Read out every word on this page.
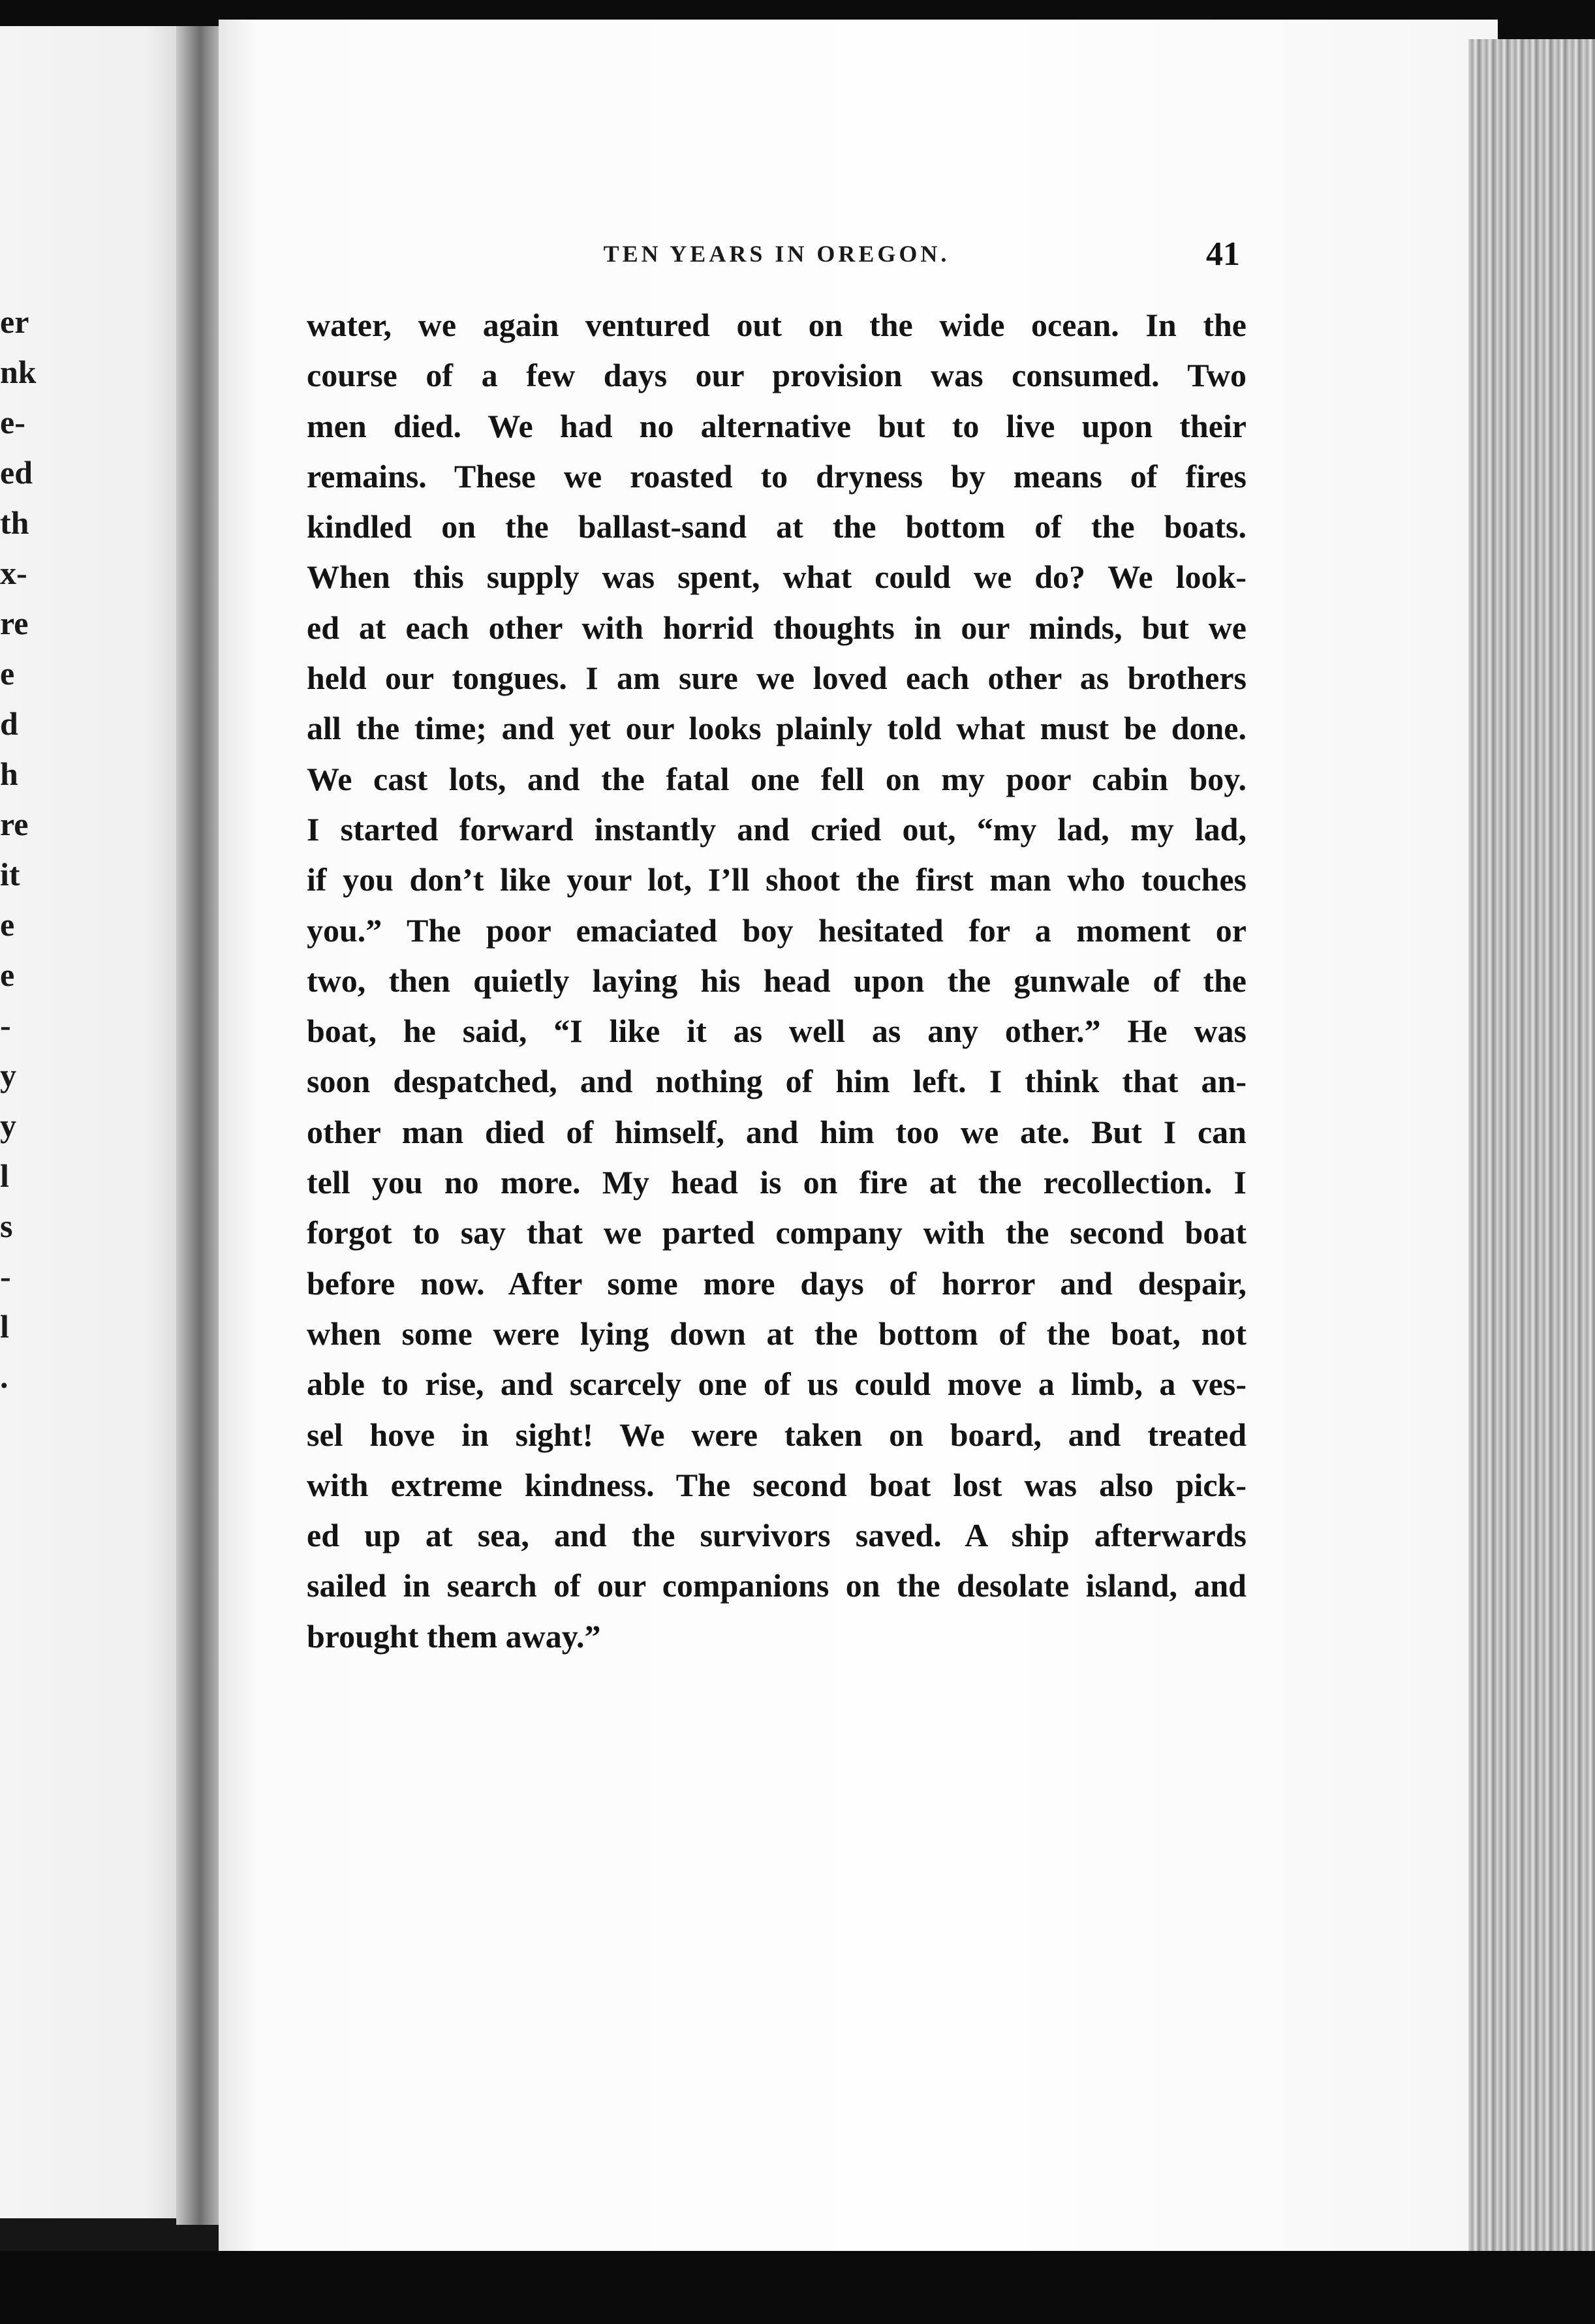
er
nk
e-
ed
th
x-
re
e
d
h
re
it
e
e
-
y
y
l
s
-
l
.
TEN YEARS IN OREGON.	41
water, we again ventured out on the wide ocean. In the
course of a few days our provision was consumed. Two
men died. We had no alternative but to live upon their
remains. These we roasted to dryness by means of fires
kindled on the ballast-sand at the bottom of the boats.
When this supply was spent, what could we do? We look-
ed at each other with horrid thoughts in our minds, but we
held our tongues. I am sure we loved each other as brothers
all the time; and yet our looks plainly told what must be done.
We cast lots, and the fatal one fell on my poor cabin boy.
I started forward instantly and cried out, “my lad, my lad,
if you don’t like your lot, I’ll shoot the first man who touches
you.” The poor emaciated boy hesitated for a moment or
two, then quietly laying his head upon the gunwale of the
boat, he said, “I like it as well as any other.” He was
soon despatched, and nothing of him left. I think that an-
other man died of himself, and him too we ate. But I can
tell you no more. My head is on fire at the recollection. I
forgot to say that we parted company with the second boat
before now. After some more days of horror and despair,
when some were lying down at the bottom of the boat, not
able to rise, and scarcely one of us could move a limb, a ves-
sel hove in sight! We were taken on board, and treated
with extreme kindness. The second boat lost was also pick-
ed up at sea, and the survivors saved. A ship afterwards
sailed in search of our companions on the desolate island, and
brought them away.”
